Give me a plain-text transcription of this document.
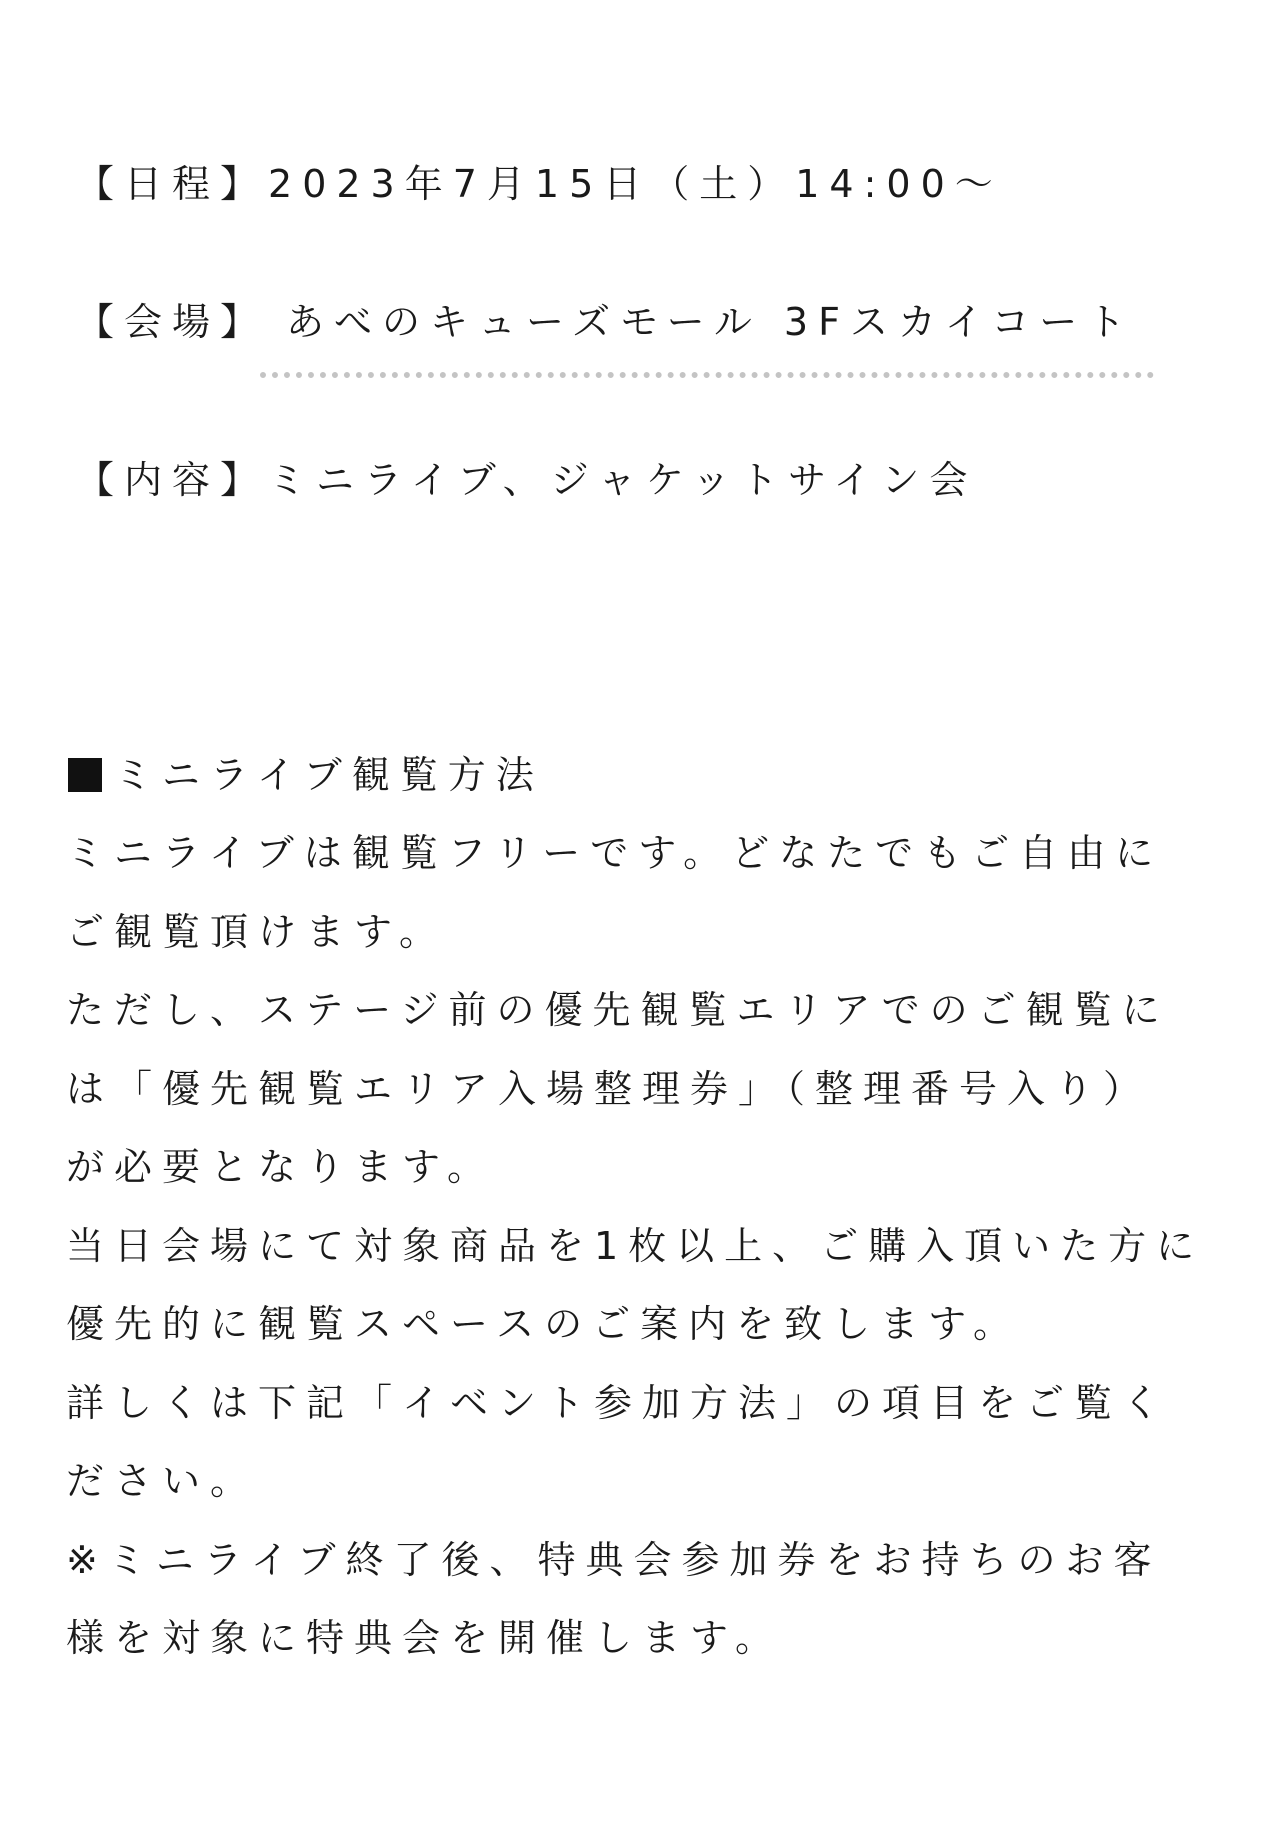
【日程】2023年7月15日（土）14:00〜
【会場】 あべのキューズモール 3Fスカイコート
【内容】ミニライブ、ジャケットサイン会
ミニライブ観覧方法
ミニライブは観覧フリーです。どなたでもご自由に
ご観覧頂けます。
ただし、ステージ前の優先観覧エリアでのご観覧に
は「優先観覧エリア入場整理券」（整理番号入り）
が必要となります。
当日会場にて対象商品を1枚以上、ご購入頂いた方に
優先的に観覧スペースのご案内を致します。
詳しくは下記「イベント参加方法」の項目をご覧く
ださい。
※ミニライブ終了後、特典会参加券をお持ちのお客
様を対象に特典会を開催します。
